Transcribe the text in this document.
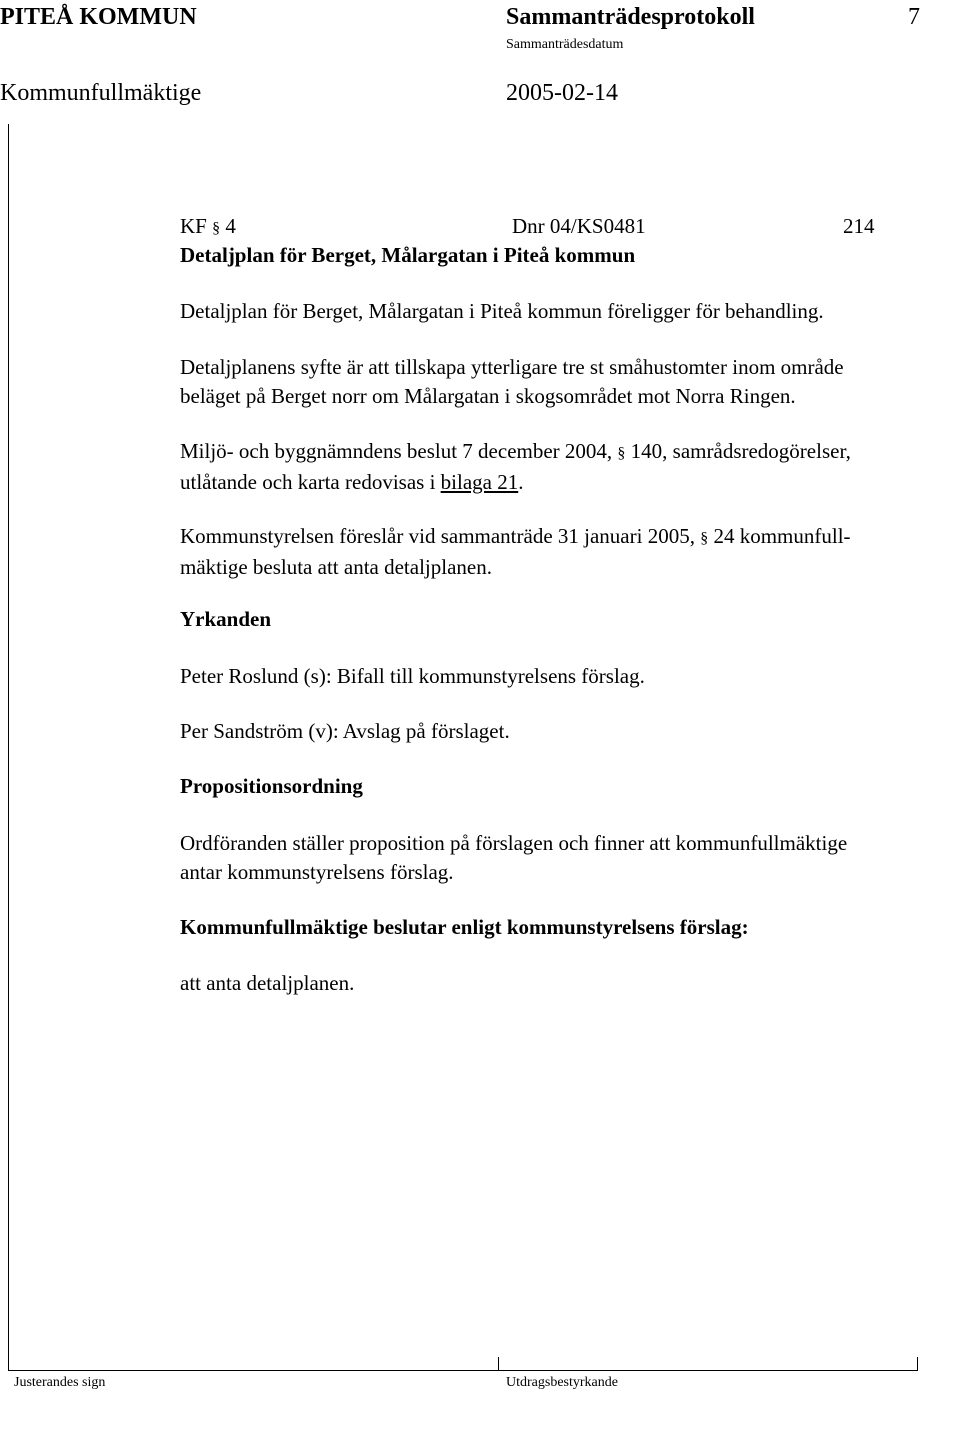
PITEÅ KOMMUN	Sammanträdesprotokoll	7
Sammanträdesdatum
Kommunfullmäktige	2005-02-14
KF § 4	Dnr 04/KS0481	214
Detaljplan för Berget, Målargatan i Piteå kommun
Detaljplan för Berget, Målargatan i Piteå kommun föreligger för behandling.
Detaljplanens syfte är att tillskapa ytterligare tre st småhustomter inom område
beläget på Berget norr om Målargatan i skogsområdet mot Norra Ringen.
Miljö- och byggnämndens beslut 7 december 2004, § 140, samrådsredogörelser,
utlåtande och karta redovisas i bilaga 21.
Kommunstyrelsen föreslår vid sammanträde 31 januari 2005, § 24 kommunfull-
mäktige besluta att anta detaljplanen.
Yrkanden
Peter Roslund (s): Bifall till kommunstyrelsens förslag.
Per Sandström (v): Avslag på förslaget.
Propositionsordning
Ordföranden ställer proposition på förslagen och finner att kommunfullmäktige
antar kommunstyrelsens förslag.
Kommunfullmäktige beslutar enligt kommunstyrelsens förslag:
att anta detaljplanen.
Justerandes sign	Utdragsbestyrkande
